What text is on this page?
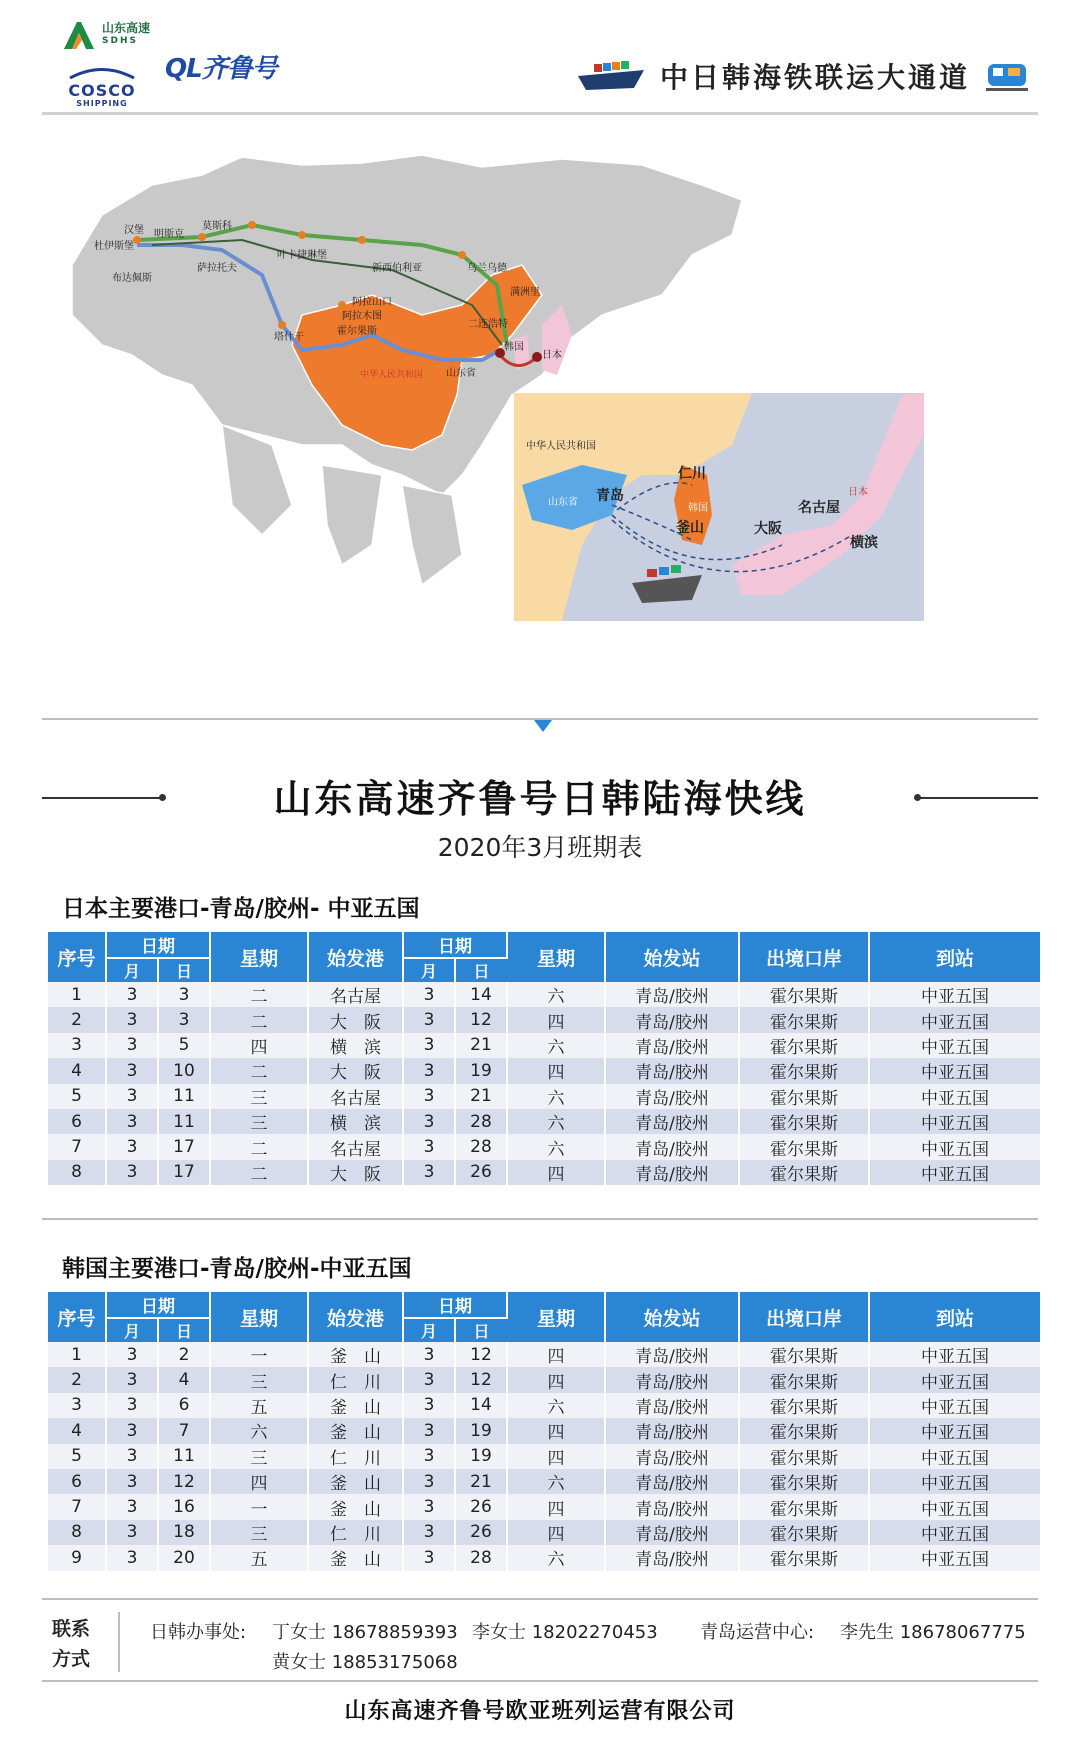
山东高速
SDHS
COSCO
SHIPPING
QL齐鲁号	中日韩海铁联运大通道
汉堡
杜伊斯堡
明斯克
莫斯科
布达佩斯
萨拉托夫
叶卡捷琳堡
新西伯利亚	乌兰乌德
满洲里
阿拉山口
阿拉木图
霍尔果斯
塔什干
二连浩特
韩国
日本
山东省
中华人民共和国
中华人民共和国
山东省 青岛
仁川
韩国
釜山	大阪
名古屋
日本
横滨
山东高速齐鲁号日韩陆海快线
2020年3月班期表
日本主要港口-青岛/胶州- 中亚五国
序号	日期		星期	始发港	日期		星期	始发站	出境口岸	到站
	月	日			月	日				
1	3	3	二	名古屋	3	14	六	青岛/胶州	霍尔果斯	中亚五国
2	3	3	二	大　阪	3	12	四	青岛/胶州	霍尔果斯	中亚五国
3	3	5	四	横　滨	3	21	六	青岛/胶州	霍尔果斯	中亚五国
4	3	10	二	大　阪	3	19	四	青岛/胶州	霍尔果斯	中亚五国
5	3	11	三	名古屋	3	21	六	青岛/胶州	霍尔果斯	中亚五国
6	3	11	三	横　滨	3	28	六	青岛/胶州	霍尔果斯	中亚五国
7	3	17	二	名古屋	3	28	六	青岛/胶州	霍尔果斯	中亚五国
8	3	17	二	大　阪	3	26	四	青岛/胶州	霍尔果斯	中亚五国
韩国主要港口-青岛/胶州-中亚五国
序号	日期		星期	始发港	日期		星期	始发站	出境口岸	到站
	月	日			月	日				
1	3	2	一	釜　山	3	12	四	青岛/胶州	霍尔果斯	中亚五国
2	3	4	三	仁　川	3	12	四	青岛/胶州	霍尔果斯	中亚五国
3	3	6	五	釜　山	3	14	六	青岛/胶州	霍尔果斯	中亚五国
4	3	7	六	釜　山	3	19	四	青岛/胶州	霍尔果斯	中亚五国
5	3	11	三	仁　川	3	19	四	青岛/胶州	霍尔果斯	中亚五国
6	3	12	四	釜　山	3	21	六	青岛/胶州	霍尔果斯	中亚五国
7	3	16	一	釜　山	3	26	四	青岛/胶州	霍尔果斯	中亚五国
8	3	18	三	仁　川	3	26	四	青岛/胶州	霍尔果斯	中亚五国
9	3	20	五	釜　山	3	28	六	青岛/胶州	霍尔果斯	中亚五国
联系方式
日韩办事处: 丁女士 18678859393 李女士 18202270453 青岛运营中心: 李先生 18678067775
黄女士 18853175068
山东高速齐鲁号欧亚班列运营有限公司
